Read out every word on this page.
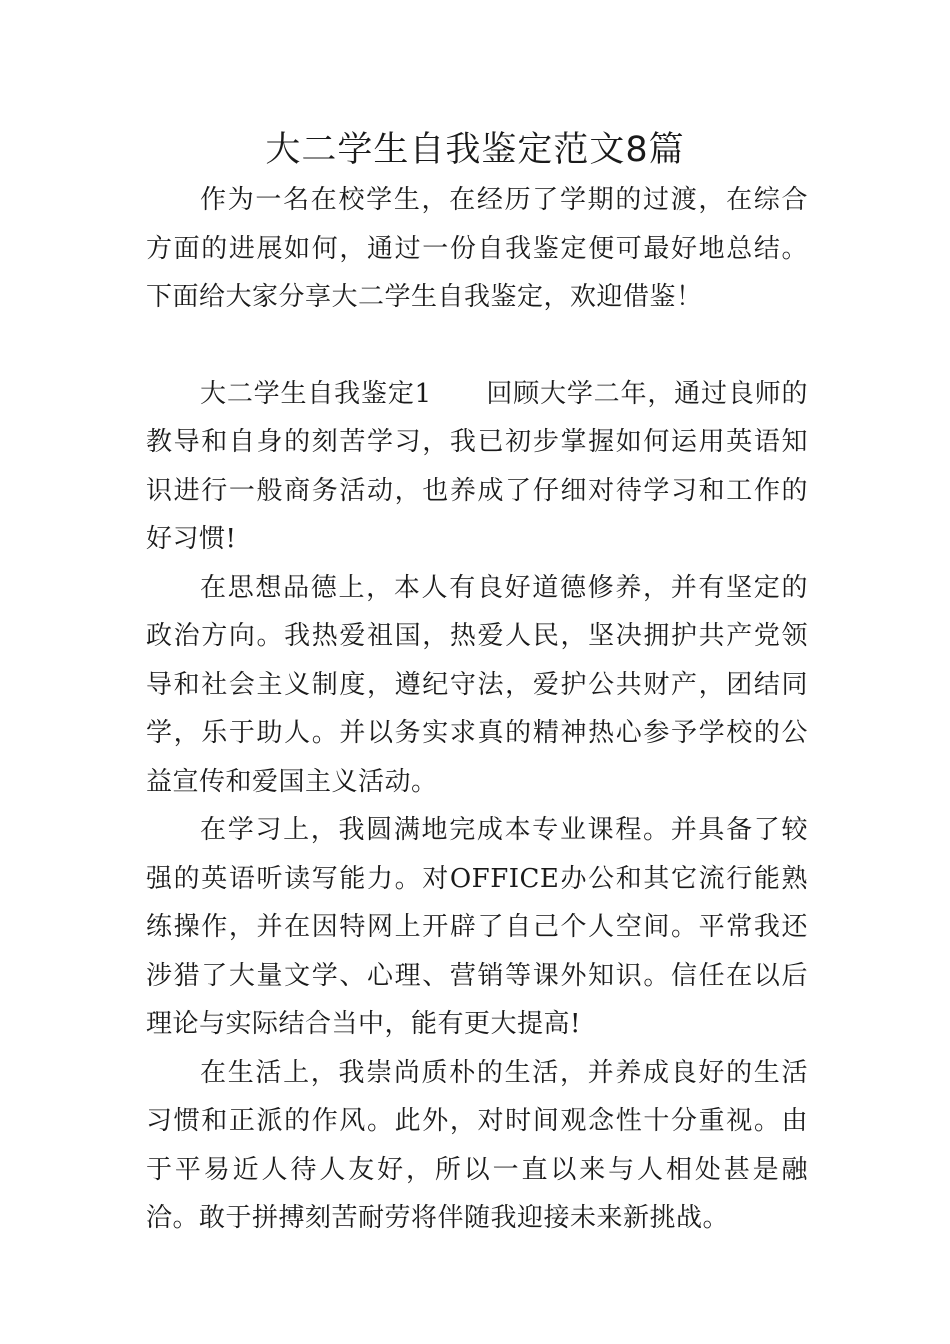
大二学生自我鉴定范文8篇

作为一名在校学生，在经历了学期的过渡，在综合方面的进展如何，通过一份自我鉴定便可最好地总结。下面给大家分享大二学生自我鉴定，欢迎借鉴！

大二学生自我鉴定1 回顾大学二年，通过良师的教导和自身的刻苦学习，我已初步掌握如何运用英语知识进行一般商务活动，也养成了仔细对待学习和工作的好习惯!

在思想品德上，本人有良好道德修养，并有坚定的政治方向。我热爱祖国，热爱人民，坚决拥护共产党领导和社会主义制度，遵纪守法，爱护公共财产，团结同学，乐于助人。并以务实求真的精神热心参予学校的公益宣传和爱国主义活动。

在学习上，我圆满地完成本专业课程。并具备了较强的英语听读写能力。对OFFICE办公和其它流行能熟练操作，并在因特网上开辟了自己个人空间。平常我还涉猎了大量文学、心理、营销等课外知识。信任在以后理论与实际结合当中，能有更大提高!

在生活上，我崇尚质朴的生活，并养成良好的生活习惯和正派的作风。此外，对时间观念性十分重视。由于平易近人待人友好，所以一直以来与人相处甚是融洽。敢于拼搏刻苦耐劳将伴随我迎接未来新挑战。
